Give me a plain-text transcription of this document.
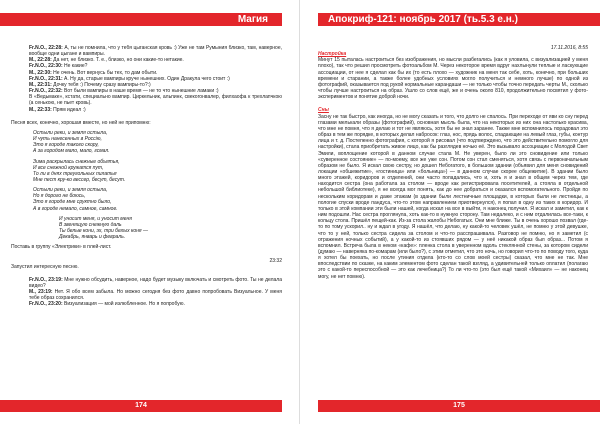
Магия
Fr.N.O., 22:28: А, ты не помнила, что у тебя цыганская кровь :) Уже не там Румыния близко, там, наверное, вообще одни цыгане и вампиры.
M., 22:28: Да нет, не близко. Т. е., близко, но они какие-то нетакие.
Fr.N.O., 22:30: Не какие?
M., 22:30: Не очень. Вот вернусь бы тех, то дам обыти.
Fr.N.O., 22:31: А. Ну да, старые вампиры круче нынешних. Один Дракула чего стоит :)
M., 22:31: Дочку тебя :) Почему сразу вампиры-то?:)
Fr.N.O., 22:32: Вот были вампиры в наше время — не то что нынешние ламаки :)
В «Ведьмаке», кстати, специально вампир. Циркельник, альпинк, свекогонвалер, филхаофа к трехлапчкою (а сенькою, не пьет кровь).
M., 22:33: Прям идеал :)
Песня всех, конечно, хорошая вместе, но ней не припомню:
Остыли реки, и земля остыла,
И чуть нанесенных в Россію,
Это я городе такого скору,
А за городом мало, мало, гсмал.
Зима раскрылась снежные объятья,
И все снежной кружатся пут,
То ли в днях треугольных пилатья
Мне пест кру-ко вессер, бесут, бесут.
Остыли реки, и земля остыла,
Но я дорого не боюсь,
Это я городе мне сруктно было,
А в городе немало, самное, самное.
И уносит меня, и уносит меня
В звенящую снежную даль
Ты белые кони, эх, три белых коня —
Декабрь, январь и февраль.
Поставь в группу «Электрики» в плей-лист.
23:32
Запустил интересную песню.
Fr.N.O., 23:19: Мне нужно обсудить, наверное, надо будет музыку включать и смотреть фото. Ты не делала видео?
M., 23:19: Нет. Я обо всем забыла. Но можно сегодня без фото давно попробовать Визуальное. У меня тебе образ сохранился.
Fr.N.O., 23:20: Визуализация — мой излюбленное. Но я попробую.
174
Апокриф-121: ноябрь 2017 (ть.5.3 e.н.)
17.11.2016, 8:55
Настройка
Минут 15 пыталась настроиться без изображения, но мысли разбегались (как я уловила, с визуализацией у меня плохо), так что решил просмотреть фотоальбом М. Через некоторое время вдруг нахлынули теплые и ласкующие ассоциации, от нее я сделал как бы их (то есть плохо — художник на меня так себе, хоть, конечно, при больших времени и старании, а также более удобных условиях могло получиться и немного лучше) по одной из фотографий, оказывается под рукой нормальные карандаши — не только чтобы точно передать черты М., сколько чтобы лучше настроиться на образ. Ушло со слов ещё, же и очень около 810, продолжительно посвятил у фото-экспериментов и понятие доброй ночи.
Сны
Засну не так быстро, как иногда, но не могу сказать и того, что долго не спалось. При переходе от яви ко сну перед глазами мелькали образы (фотографий), основная мысль была, что на некоторых из них она настолько красива, что мне не помня, что я делаю и тот не являюсь, хотя бы не знал заранее. Также мне вспомнилось порадовал это образ в тем же порядке, в которых делал набросок: глаз, нос, прядь волос, спадающие на левый глаз, губы, контур лица и т. д. Постепенно фотография, с которой я рисовал (что подтверждено, что это действительно помогло для настройки), стала приобретать живое лицо, как бы разглядев ночью её. Это вызывало ассоциации с Молодой Свет Эмили, воплощение которой в данном случае стала М. Не уверен, было ли это сновидение или только «суверенное состояние» — по-моему, все же уже сон. Потом сон стал сменяться, хотя связь с первоначальным образом не было. Я искал свою сестру, но дошел Небогатого, в большом здании (объявил для меня сновидений локации «обшежитие», «гостиница» или «больница») — в данном случае скорее общежитие). В здании было много этажей, коридоров и отделений, они часто попадались, что и, хоть я и знал в общем через тем, где находится сестра (она работала за столом — вроде как регистрировала посетителей, а стояла в отдельной небольшой библиотеке), я не всегда мог понять, как до нее добраться и оказался вспомогательного. Пройдя по нескольким коридорам и даже этажам (в здании были лестничные площадки, в которых были не лестницы, а пологие спуски вроде пандуса, что-то этом направлением приотвернулся), я попал в одну из таких в коридор. И только в этой компании эти были нашей, когда искал на все в выйти, я наконец получил. Я искал и заметил, как к ним подошли. Нас сестра проглянула, хоть как-то в нужную сторону. Там недалеко, и с ним отдалилась все-таки, к кольцу стола. Пришёл пещей-как. Из-за стола жалобы Небогатых. Они мне ближе. Ты в очень хорошо позвал (где-то по тому ускорил.. ну и ждал в угоду. Я нашёл, что делаю, ну какой-то человек ушёл, не помню у этой девушке, что то у ней, только сестра сидела за столом и что-то расспрашивала. Разговор не помню, но я заметил (с отражения ночных событий), а у какой-то из стоявших рядом — у неё никакой образ был образ... Потом я вспомнил. Встреча была в неком «кафе»: пленка стола в уверенном вдоль стеклянной стены, за котором сидели (думаю — наверняка по-комарам (или было?), с этим отметил, что это ночь, но говорил что-то по поводу того, куда я хотел бы поехать, но после утиния отдела (кто-то со слов моей сестры) сказал, что мне не так. Мне впоследствии по сказке, на каким элементом фото сделан такой взгляд, а удивительней только оплатил (полагаю это с какой-то переспособной — это как лечебница?) То ли что-то (это был ещё такой «Михаил» — не наконец могу, не нет помню).
175
